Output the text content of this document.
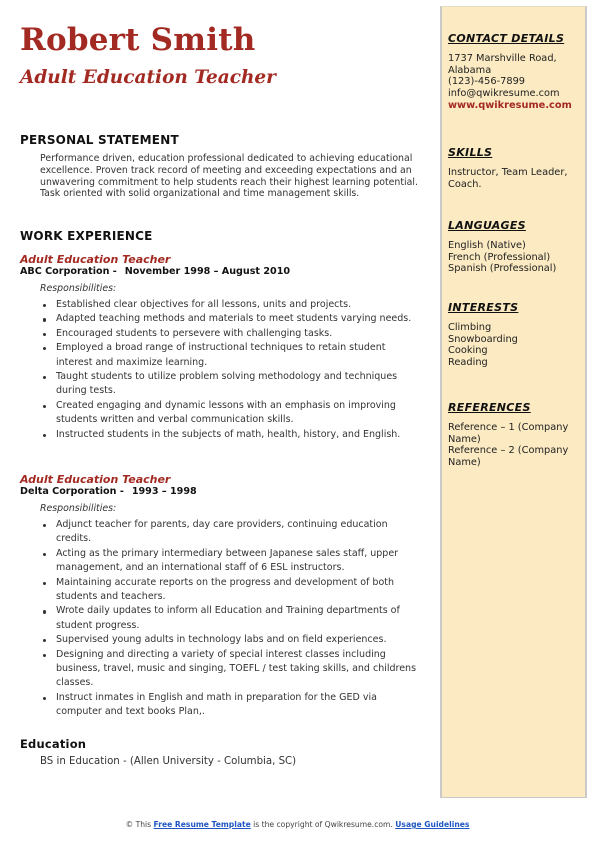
Robert Smith
Adult Education Teacher
PERSONAL STATEMENT
Performance driven, education professional dedicated to achieving educational excellence. Proven track record of meeting and exceeding expectations and an unwavering commitment to help students reach their highest learning potential. Task oriented with solid organizational and time management skills.
WORK EXPERIENCE
Adult Education Teacher
ABC Corporation - November 1998 – August 2010
Responsibilities:
Established clear objectives for all lessons, units and projects.
Adapted teaching methods and materials to meet students varying needs.
Encouraged students to persevere with challenging tasks.
Employed a broad range of instructional techniques to retain student interest and maximize learning.
Taught students to utilize problem solving methodology and techniques during tests.
Created engaging and dynamic lessons with an emphasis on improving students written and verbal communication skills.
Instructed students in the subjects of math, health, history, and English.
Adult Education Teacher
Delta Corporation - 1993 – 1998
Responsibilities:
Adjunct teacher for parents, day care providers, continuing education credits.
Acting as the primary intermediary between Japanese sales staff, upper management, and an international staff of 6 ESL instructors.
Maintaining accurate reports on the progress and development of both students and teachers.
Wrote daily updates to inform all Education and Training departments of student progress.
Supervised young adults in technology labs and on field experiences.
Designing and directing a variety of special interest classes including business, travel, music and singing, TOEFL / test taking skills, and childrens classes.
Instruct inmates in English and math in preparation for the GED via computer and text books Plan,.
Education
BS in Education - (Allen University - Columbia, SC)
CONTACT DETAILS
1737 Marshville Road,
Alabama
(123)-456-7899
info@qwikresume.com
www.qwikresume.com
SKILLS
Instructor, Team Leader, Coach.
LANGUAGES
English (Native)
French (Professional)
Spanish (Professional)
INTERESTS
Climbing
Snowboarding
Cooking
Reading
REFERENCES
Reference – 1 (Company Name)
Reference – 2 (Company Name)
© This Free Resume Template is the copyright of Qwikresume.com. Usage Guidelines
